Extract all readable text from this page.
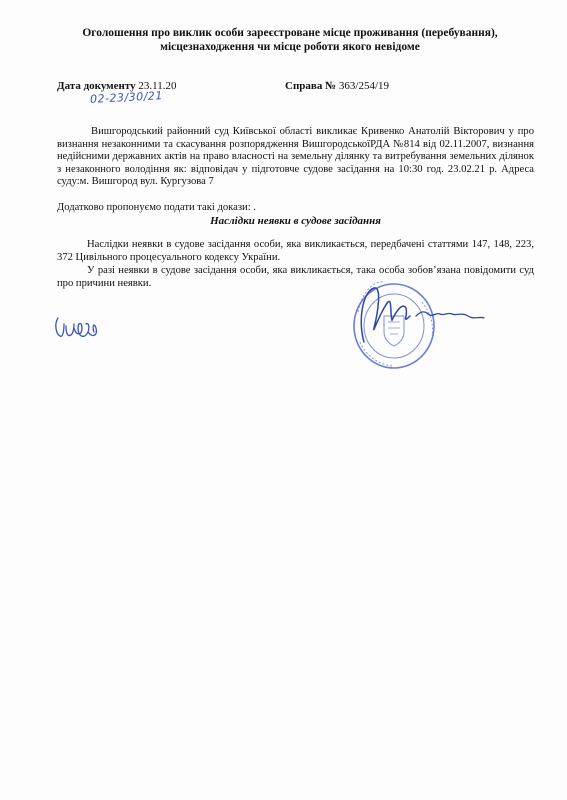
Оголошення про виклик особи зареєстроване місце проживання (перебування),
місцезнаходження чи місце роботи якого невідоме
Дата документу 23.11.20	Справа № 363/254/19
02-23/30/21
Вишгородський районний суд Київської області викликає Кривенко Анатолій Вікторович у про визнання незаконними та скасування розпорядження ВишгородськоїРДА №814 від 02.11.2007, визнання недійсними державних актів на право власності на земельну ділянку та витребування земельних ділянок з незаконного володіння як: відповідач у підготовче судове засідання на 10:30 год. 23.02.21 р. Адреса суду:м. Вишгород вул. Кургузова 7
Додатково пропонуємо подати такі докази: .
Наслідки неявки в судове засідання
Наслідки неявки в судове засідання особи, яка викликається, передбачені статтями 147, 148, 223, 372 Цивільного процесуального кодексу України.
У разі неявки в судове засідання особи, яка викликається, така особа зобов’язана повідомити суд про причини неявки.
